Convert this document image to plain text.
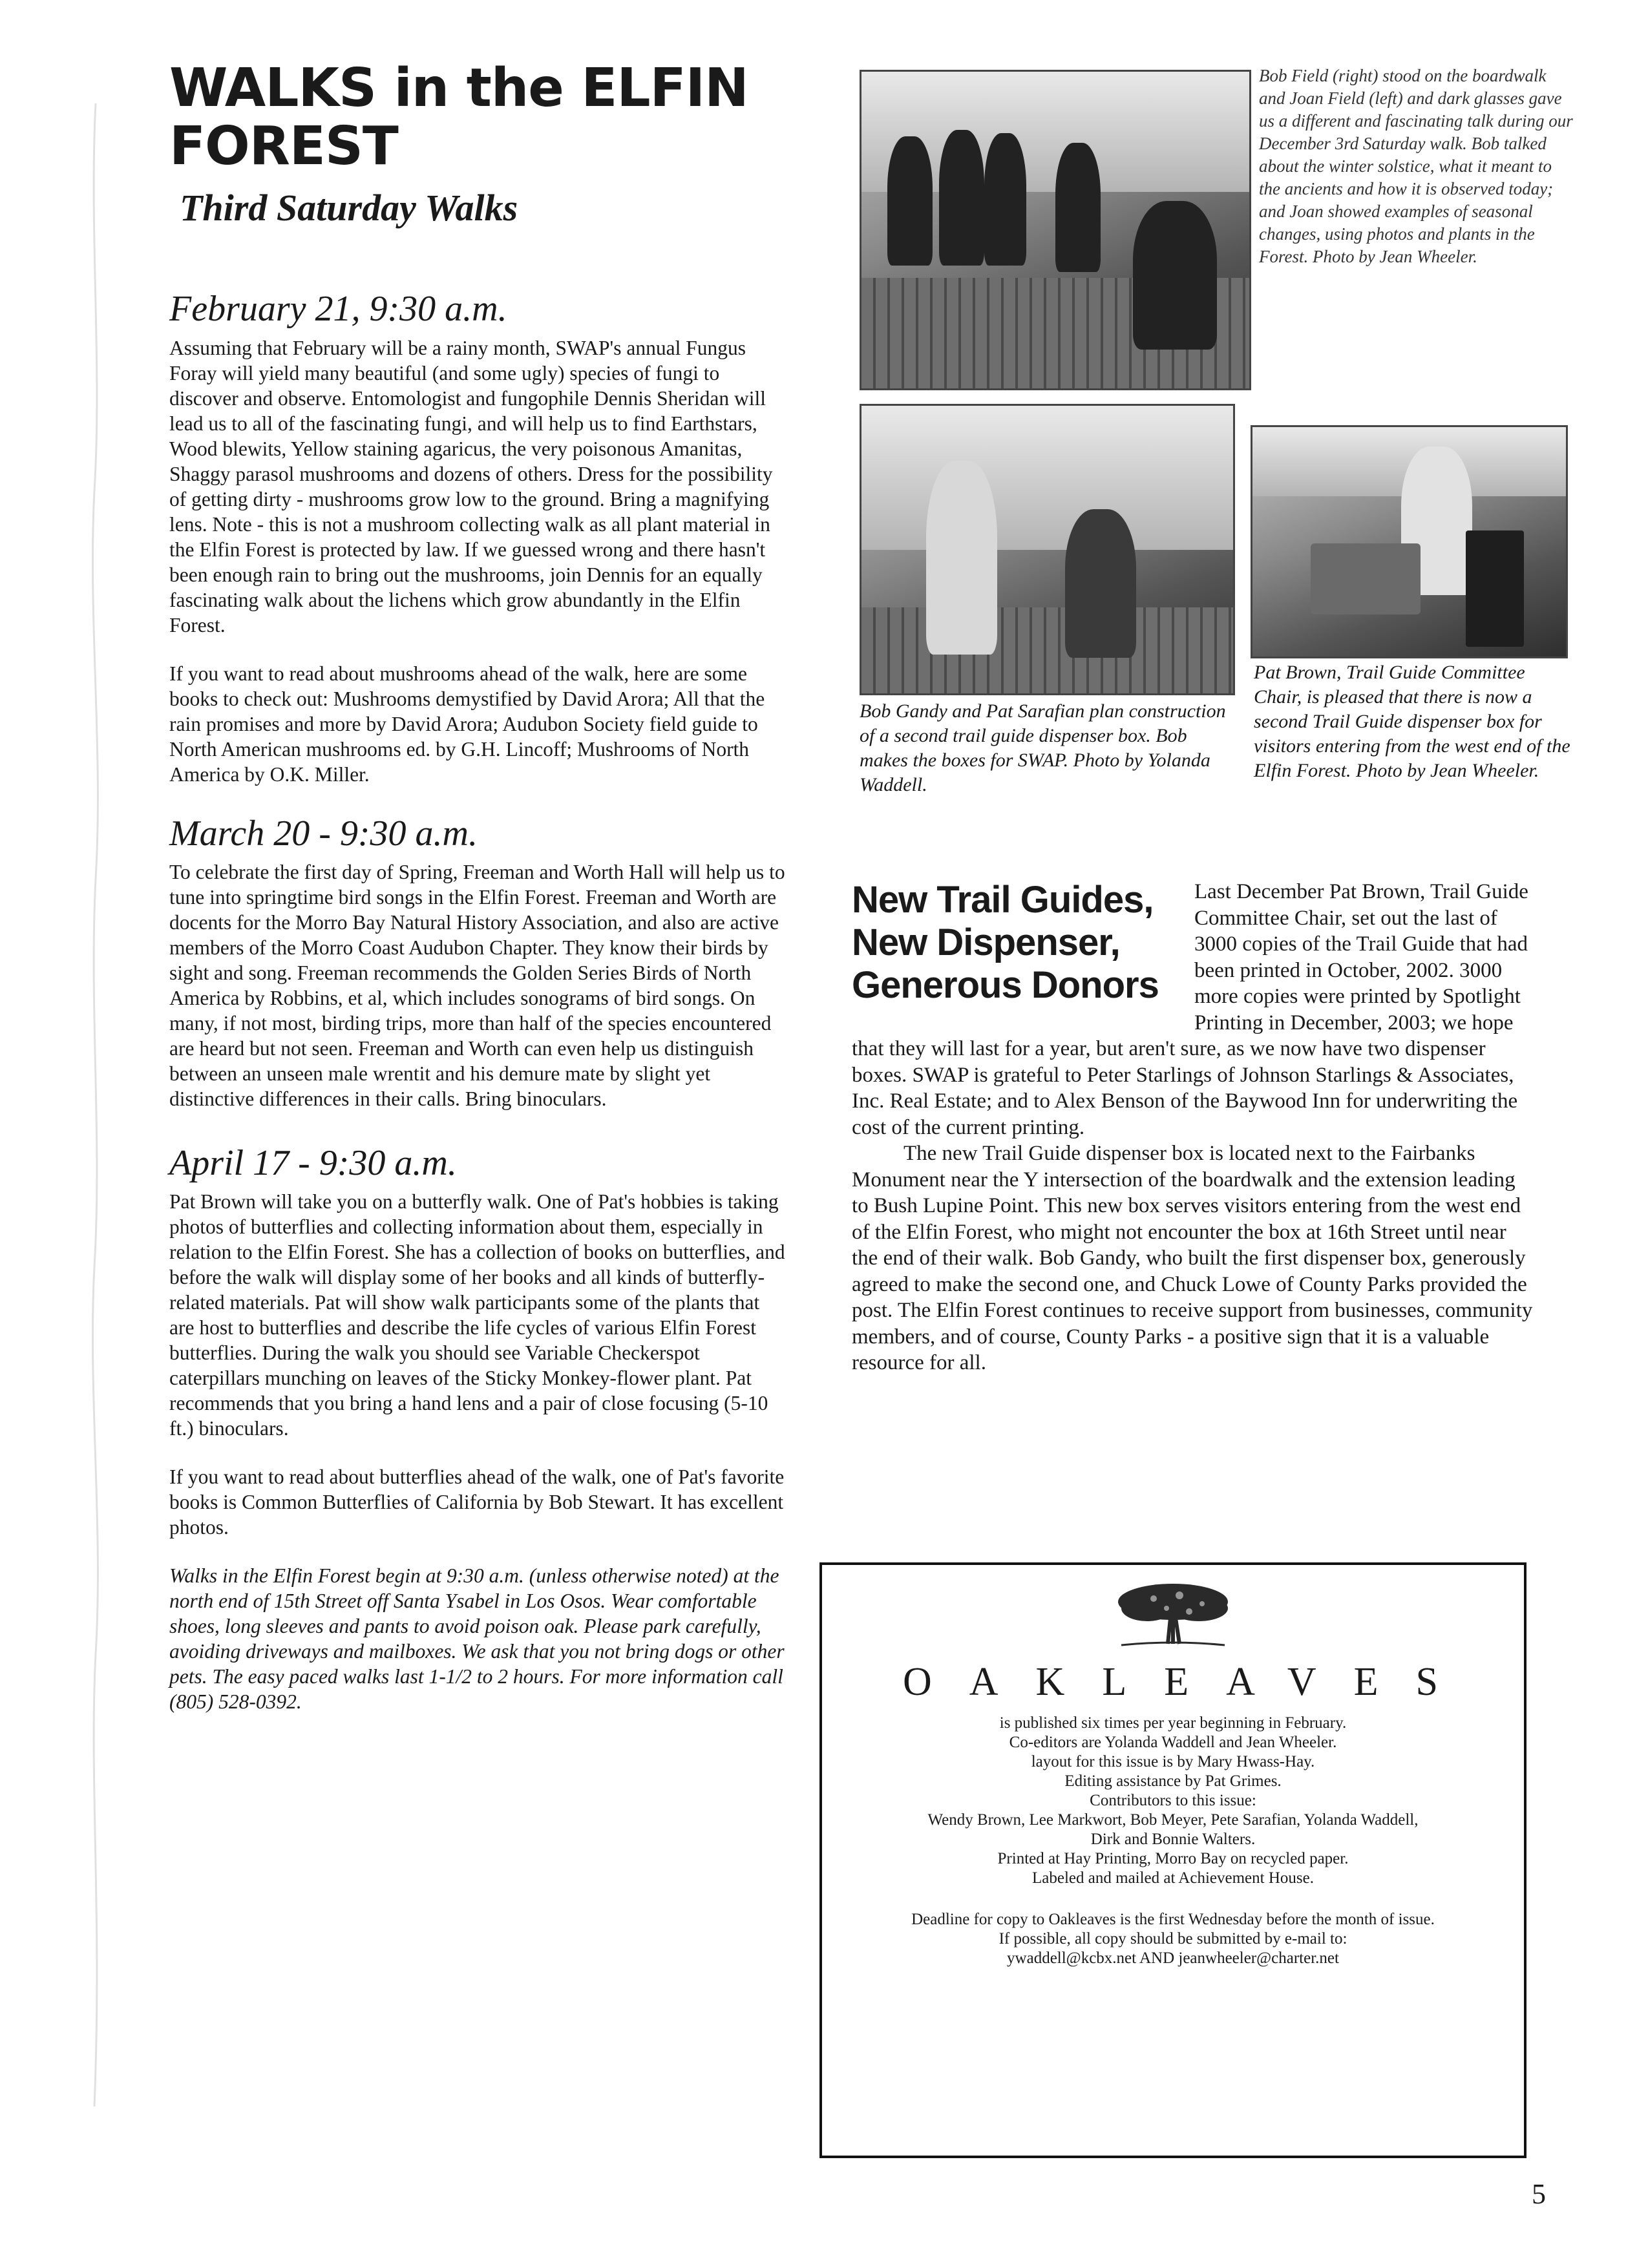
WALKS in the ELFIN FOREST
Third Saturday Walks
February 21, 9:30 a.m.

Assuming that February will be a rainy month, SWAP's annual Fungus Foray will yield many beautiful (and some ugly) species of fungi to discover and observe. Entomologist and fungophile Dennis Sheridan will lead us to all of the fascinating fungi, and will help us to find Earthstars, Wood blewits, Yellow staining agaricus, the very poisonous Amanitas, Shaggy parasol mushrooms and dozens of others. Dress for the possibility of getting dirty - mushrooms grow low to the ground. Bring a magnifying lens. Note - this is not a mushroom collecting walk as all plant material in the Elfin Forest is protected by law. If we guessed wrong and there hasn't been enough rain to bring out the mushrooms, join Dennis for an equally fascinating walk about the lichens which grow abundantly in the Elfin Forest.

If you want to read about mushrooms ahead of the walk, here are some books to check out: Mushrooms demystified by David Arora; All that the rain promises and more by David Arora; Audubon Society field guide to North American mushrooms ed. by G.H. Lincoff; Mushrooms of North America by O.K. Miller.

March 20 - 9:30 a.m.

To celebrate the first day of Spring, Freeman and Worth Hall will help us to tune into springtime bird songs in the Elfin Forest. Freeman and Worth are docents for the Morro Bay Natural History Association, and also are active members of the Morro Coast Audubon Chapter. They know their birds by sight and song. Freeman recommends the Golden Series Birds of North America by Robbins, et al, which includes sonograms of bird songs. On many, if not most, birding trips, more than half of the species encountered are heard but not seen. Freeman and Worth can even help us distinguish between an unseen male wrentit and his demure mate by slight yet distinctive differences in their calls. Bring binoculars.

April 17 - 9:30 a.m.

Pat Brown will take you on a butterfly walk. One of Pat's hobbies is taking photos of butterflies and collecting information about them, especially in relation to the Elfin Forest. She has a collection of books on butterflies, and before the walk will display some of her books and all kinds of butterfly-related materials. Pat will show walk participants some of the plants that are host to butterflies and describe the life cycles of various Elfin Forest butterflies. During the walk you should see Variable Checkerspot caterpillars munching on leaves of the Sticky Monkey-flower plant. Pat recommends that you bring a hand lens and a pair of close focusing (5-10 ft.) binoculars.

If you want to read about butterflies ahead of the walk, one of Pat's favorite books is Common Butterflies of California by Bob Stewart. It has excellent photos.

Walks in the Elfin Forest begin at 9:30 a.m. (unless otherwise noted) at the north end of 15th Street off Santa Ysabel in Los Osos. Wear comfortable shoes, long sleeves and pants to avoid poison oak. Please park carefully, avoiding driveways and mailboxes. We ask that you not bring dogs or other pets. The easy paced walks last 1-1/2 to 2 hours. For more information call (805) 528-0392.

Bob Field (right) stood on the boardwalk and Joan Field (left) and dark glasses gave us a different and fascinating talk during our December 3rd Saturday walk. Bob talked about the winter solstice, what it meant to the ancients and how it is observed today; and Joan showed examples of seasonal changes, using photos and plants in the Forest. Photo by Jean Wheeler.

Bob Gandy and Pat Sarafian plan construction of a second trail guide dispenser box. Bob makes the boxes for SWAP. Photo by Yolanda Waddell.

Pat Brown, Trail Guide Committee Chair, is pleased that there is now a second Trail Guide dispenser box for visitors entering from the west end of the Elfin Forest. Photo by Jean Wheeler.

New Trail Guides,
New Dispenser,
Generous Donors

Last December Pat Brown, Trail Guide Committee Chair, set out the last of 3000 copies of the Trail Guide that had been printed in October, 2002. 3000 more copies were printed by Spotlight Printing in December, 2003; we hope that they will last for a year, but aren't sure, as we now have two dispenser boxes. SWAP is grateful to Peter Starlings of Johnson Starlings & Associates, Inc. Real Estate; and to Alex Benson of the Baywood Inn for underwriting the cost of the current printing.

The new Trail Guide dispenser box is located next to the Fairbanks Monument near the Y intersection of the boardwalk and the extension leading to Bush Lupine Point. This new box serves visitors entering from the west end of the Elfin Forest, who might not encounter the box at 16th Street until near the end of their walk. Bob Gandy, who built the first dispenser box, generously agreed to make the second one, and Chuck Lowe of County Parks provided the post. The Elfin Forest continues to receive support from businesses, community members, and of course, County Parks - a positive sign that it is a valuable resource for all.

OAKLEAVES

is published six times per year beginning in February.

Co-editors are Yolanda Waddell and Jean Wheeler.

layout for this issue is by Mary Hwass-Hay.

Editing assistance by Pat Grimes.

Contributors to this issue:

Wendy Brown, Lee Markwort, Bob Meyer, Pete Sarafian, Yolanda Waddell,

Dirk and Bonnie Walters.

Printed at Hay Printing, Morro Bay on recycled paper.

Labeled and mailed at Achievement House.

Deadline for copy to Oakleaves is the first Wednesday before the month of issue.

If possible, all copy should be submitted by e-mail to:

ywaddell@kcbx.net AND jeanwheeler@charter.net

5
